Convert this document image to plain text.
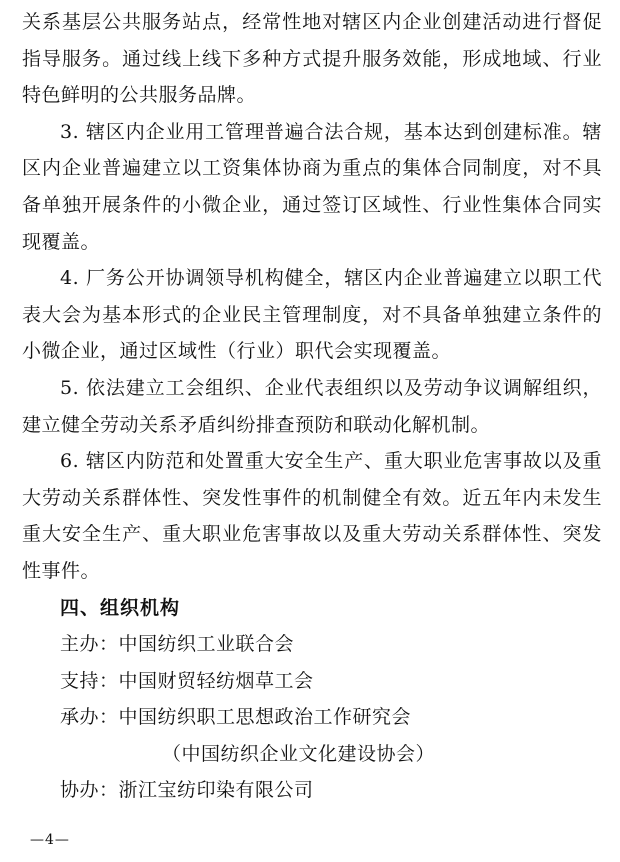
关系基层公共服务站点，经常性地对辖区内企业创建活动进行督促指导服务。通过线上线下多种方式提升服务效能，形成地域、行业特色鲜明的公共服务品牌。

3. 辖区内企业用工管理普遍合法合规，基本达到创建标准。辖区内企业普遍建立以工资集体协商为重点的集体合同制度，对不具备单独开展条件的小微企业，通过签订区域性、行业性集体合同实现覆盖。

4. 厂务公开协调领导机构健全，辖区内企业普遍建立以职工代表大会为基本形式的企业民主管理制度，对不具备单独建立条件的小微企业，通过区域性（行业）职代会实现覆盖。

5. 依法建立工会组织、企业代表组织以及劳动争议调解组织，建立健全劳动关系矛盾纠纷排查预防和联动化解机制。

6. 辖区内防范和处置重大安全生产、重大职业危害事故以及重大劳动关系群体性、突发性事件的机制健全有效。近五年内未发生重大安全生产、重大职业危害事故以及重大劳动关系群体性、突发性事件。

四、组织机构

主办：中国纺织工业联合会

支持：中国财贸轻纺烟草工会

承办：中国纺织职工思想政治工作研究会

（中国纺织企业文化建设协会）

协办：浙江宝纺印染有限公司

—4—
